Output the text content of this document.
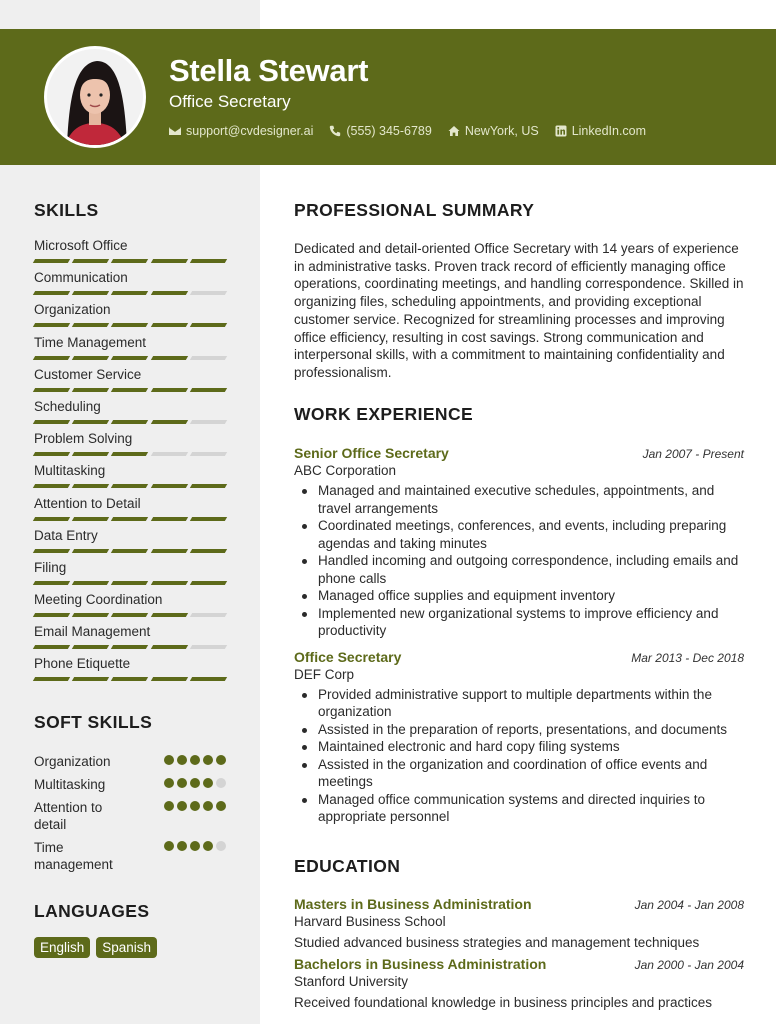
Stella Stewart
Office Secretary
support@cvdesigner.ai	(555) 345-6789	NewYork, US	LinkedIn.com
SKILLS
Microsoft Office
Communication
Organization
Time Management
Customer Service
Scheduling
Problem Solving
Multitasking
Attention to Detail
Data Entry
Filing
Meeting Coordination
Email Management
Phone Etiquette
SOFT SKILLS
Organization
Multitasking
Attention to detail
Time management
LANGUAGES
English	Spanish
PROFESSIONAL SUMMARY
Dedicated and detail-oriented Office Secretary with 14 years of experience in administrative tasks. Proven track record of efficiently managing office operations, coordinating meetings, and handling correspondence. Skilled in organizing files, scheduling appointments, and providing exceptional customer service. Recognized for streamlining processes and improving office efficiency, resulting in cost savings. Strong communication and interpersonal skills, with a commitment to maintaining confidentiality and professionalism.
WORK EXPERIENCE
Senior Office Secretary	Jan 2007 - Present
ABC Corporation
Managed and maintained executive schedules, appointments, and travel arrangements
Coordinated meetings, conferences, and events, including preparing agendas and taking minutes
Handled incoming and outgoing correspondence, including emails and phone calls
Managed office supplies and equipment inventory
Implemented new organizational systems to improve efficiency and productivity
Office Secretary	Mar 2013 - Dec 2018
DEF Corp
Provided administrative support to multiple departments within the organization
Assisted in the preparation of reports, presentations, and documents
Maintained electronic and hard copy filing systems
Assisted in the organization and coordination of office events and meetings
Managed office communication systems and directed inquiries to appropriate personnel
EDUCATION
Masters in Business Administration	Jan 2004 - Jan 2008
Harvard Business School
Studied advanced business strategies and management techniques
Bachelors in Business Administration	Jan 2000 - Jan 2004
Stanford University
Received foundational knowledge in business principles and practices
